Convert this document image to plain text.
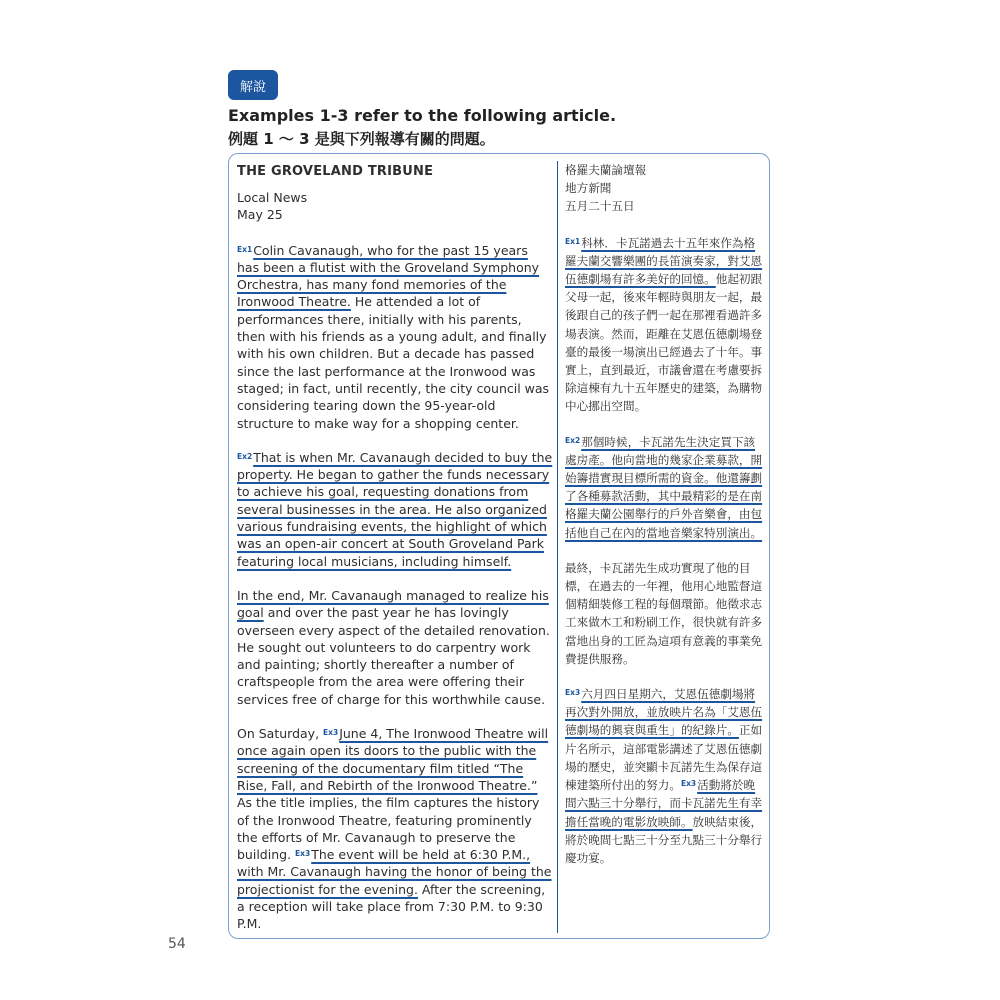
解說
Examples 1-3 refer to the following article.
例題 1 ～ 3 是與下列報導有關的問題。
THE GROVELAND TRIBUNE
Local News
May 25

$^{Ex1}$Colin Cavanaugh, who for the past 15 years has been a flutist with the Groveland Symphony Orchestra, has many fond memories of the Ironwood Theatre. He attended a lot of performances there, initially with his parents, then with his friends as a young adult, and finally with his own children. But a decade has passed since the last performance at the Ironwood was staged; in fact, until recently, the city council was considering tearing down the 95-year-old structure to make way for a shopping center.

$^{Ex2}$That is when Mr. Cavanaugh decided to buy the property. He began to gather the funds necessary to achieve his goal, requesting donations from several businesses in the area. He also organized various fundraising events, the highlight of which was an open-air concert at South Groveland Park featuring local musicians, including himself.

In the end, Mr. Cavanaugh managed to realize his goal and over the past year he has lovingly overseen every aspect of the detailed renovation. He sought out volunteers to do carpentry work and painting; shortly thereafter a number of craftspeople from the area were offering their services free of charge for this worthwhile cause.

On Saturday, $^{Ex3}$June 4, The Ironwood Theatre will once again open its doors to the public with the screening of the documentary film titled “The Rise, Fall, and Rebirth of the Ironwood Theatre.” As the title implies, the film captures the history of the Ironwood Theatre, featuring prominently the efforts of Mr. Cavanaugh to preserve the building. $^{Ex3}$The event will be held at 6:30 P.M., with Mr. Cavanaugh having the honor of being the projectionist for the evening. After the screening, a reception will take place from 7:30 P.M. to 9:30 P.M.

格羅夫蘭論壇報
地方新聞
五月二十五日

$^{Ex1}$科林．卡瓦諾過去十五年來作為格羅夫蘭交響樂團的長笛演奏家，對艾恩伍德劇場有許多美好的回憶。他起初跟父母一起，後來年輕時與朋友一起，最後跟自己的孩子們一起在那裡看過許多場表演。然而，距離在艾恩伍德劇場登臺的最後一場演出已經過去了十年。事實上，直到最近，市議會還在考慮要拆除這棟有九十五年歷史的建築，為購物中心挪出空間。

$^{Ex2}$那個時候，卡瓦諾先生決定買下該處房產。他向當地的幾家企業募款，開始籌措實現目標所需的資金。他還籌劃了各種募款活動，其中最精彩的是在南格羅夫蘭公園舉行的戶外音樂會，由包括他自己在內的當地音樂家特別演出。

最終，卡瓦諾先生成功實現了他的目標，在過去的一年裡，他用心地監督這個精細裝修工程的每個環節。他徵求志工來做木工和粉刷工作，很快就有許多當地出身的工匠為這項有意義的事業免費提供服務。

$^{Ex3}$六月四日星期六，艾恩伍德劇場將再次對外開放，並放映片名為「艾恩伍德劇場的興衰與重生」的紀錄片。正如片名所示，這部電影講述了艾恩伍德劇場的歷史，並突顯卡瓦諾先生為保存這棟建築所付出的努力。$^{Ex3}$活動將於晚間六點三十分舉行，而卡瓦諾先生有幸擔任當晚的電影放映師。放映結束後，將於晚間七點三十分至九點三十分舉行慶功宴。

54
